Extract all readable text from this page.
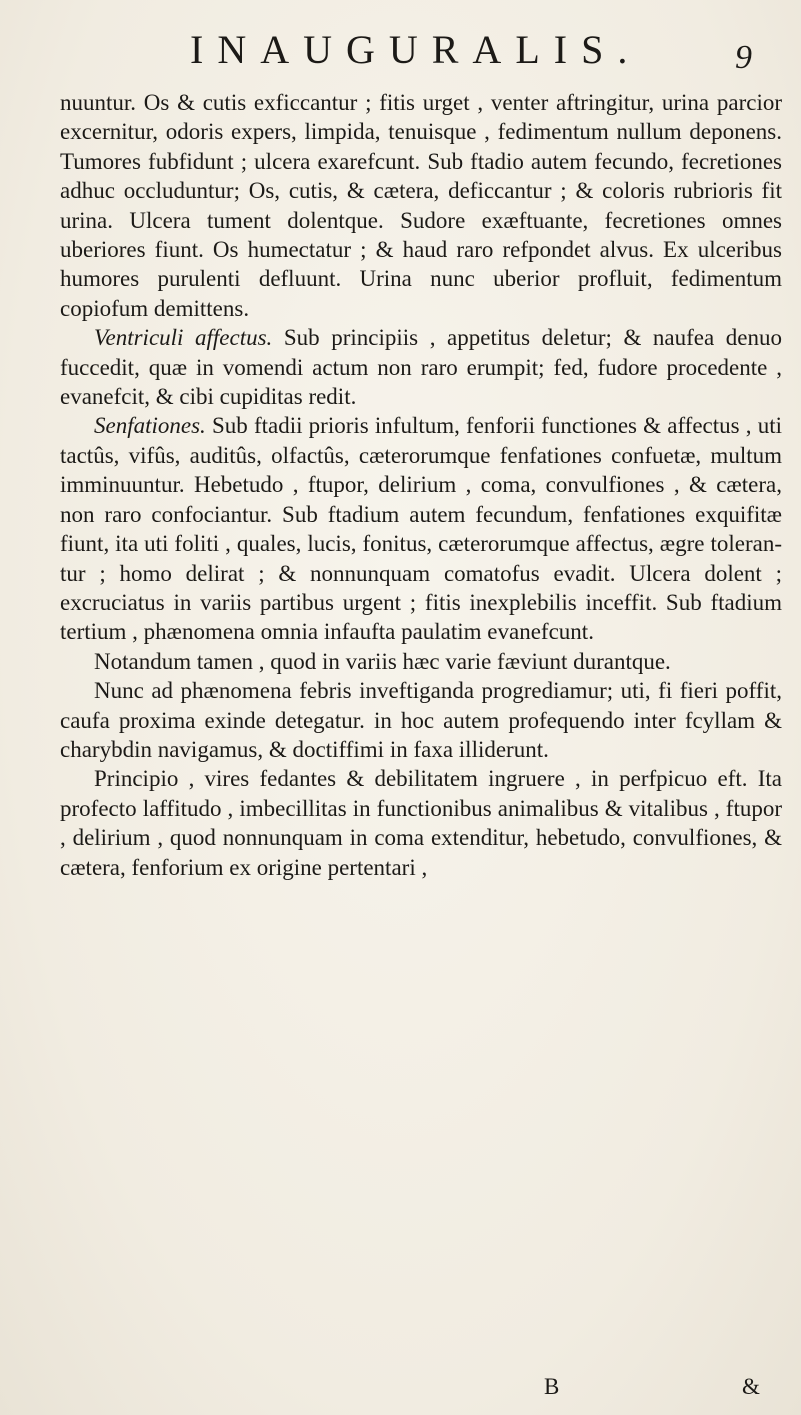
INAUGURALIS.	9

nuuntur. Os & cutis exficcantur ; fitis urget , venter aftringitur, urina parcior excernitur, odoris expers, limpida, tenuisque , fedimentum nullum deponens. Tumores fubfidunt ; ulcera exarefcunt. Sub ftadio autem fecundo, fecretiones adhuc occluduntur; Os, cutis, & cætera, deficcantur ; & coloris rubrioris fit urina. Ulcera tument dolentque. Sudore exæftuante, fecretiones omnes uberiores fiunt. Os humectatur ; & haud raro refpondet alvus. Ex ulceribus humores purulenti defluunt. Urina nunc uberior profluit, fedimentum copiofum demittens.

Ventriculi affectus. Sub principiis , appetitus deletur; & naufea denuo fuccedit, quæ in vomendi actum non raro erumpit; fed, fudore procedente , evanefcit, & cibi cupiditas redit.

Senfationes. Sub ftadii prioris infultum, fenforii functiones & affectus , uti tactûs, vifûs, auditûs, olfactûs, cæterorumque fenfationes confuetæ, multum imminuuntur. Hebetudo , ftupor, delirium , coma, convulfiones , & cætera, non raro confociantur. Sub ftadium autem fecundum, fenfationes exquifitæ fiunt, ita uti foliti , quales, lucis, fonitus, cæterorumque affectus, ægre tolerantur ; homo delirat ; & nonnunquam comatofus evadit. Ulcera dolent ; excruciatus in variis partibus urgent ; fitis inexplebilis inceffit. Sub ftadium tertium , phænomena omnia infaufta paulatim evanefcunt.

Notandum tamen , quod in variis hæc varie fæviunt durantque.

Nunc ad phænomena febris inveftiganda progrediamur; uti, fi fieri poffit, caufa proxima exinde detegatur. in hoc autem profequendo inter fcyllam & charybdin navigamus, & doctiffimi in faxa illiderunt.

Principio , vires fedantes & debilitatem ingruere , in perfpicuo eft. Ita profecto laffitudo , imbecillitas in functionibus animalibus & vitalibus , ftupor , delirium , quod nonnunquam in coma extenditur, hebetudo, convulfiones, & cætera, fenforium ex origine pertentari ,

B	&
